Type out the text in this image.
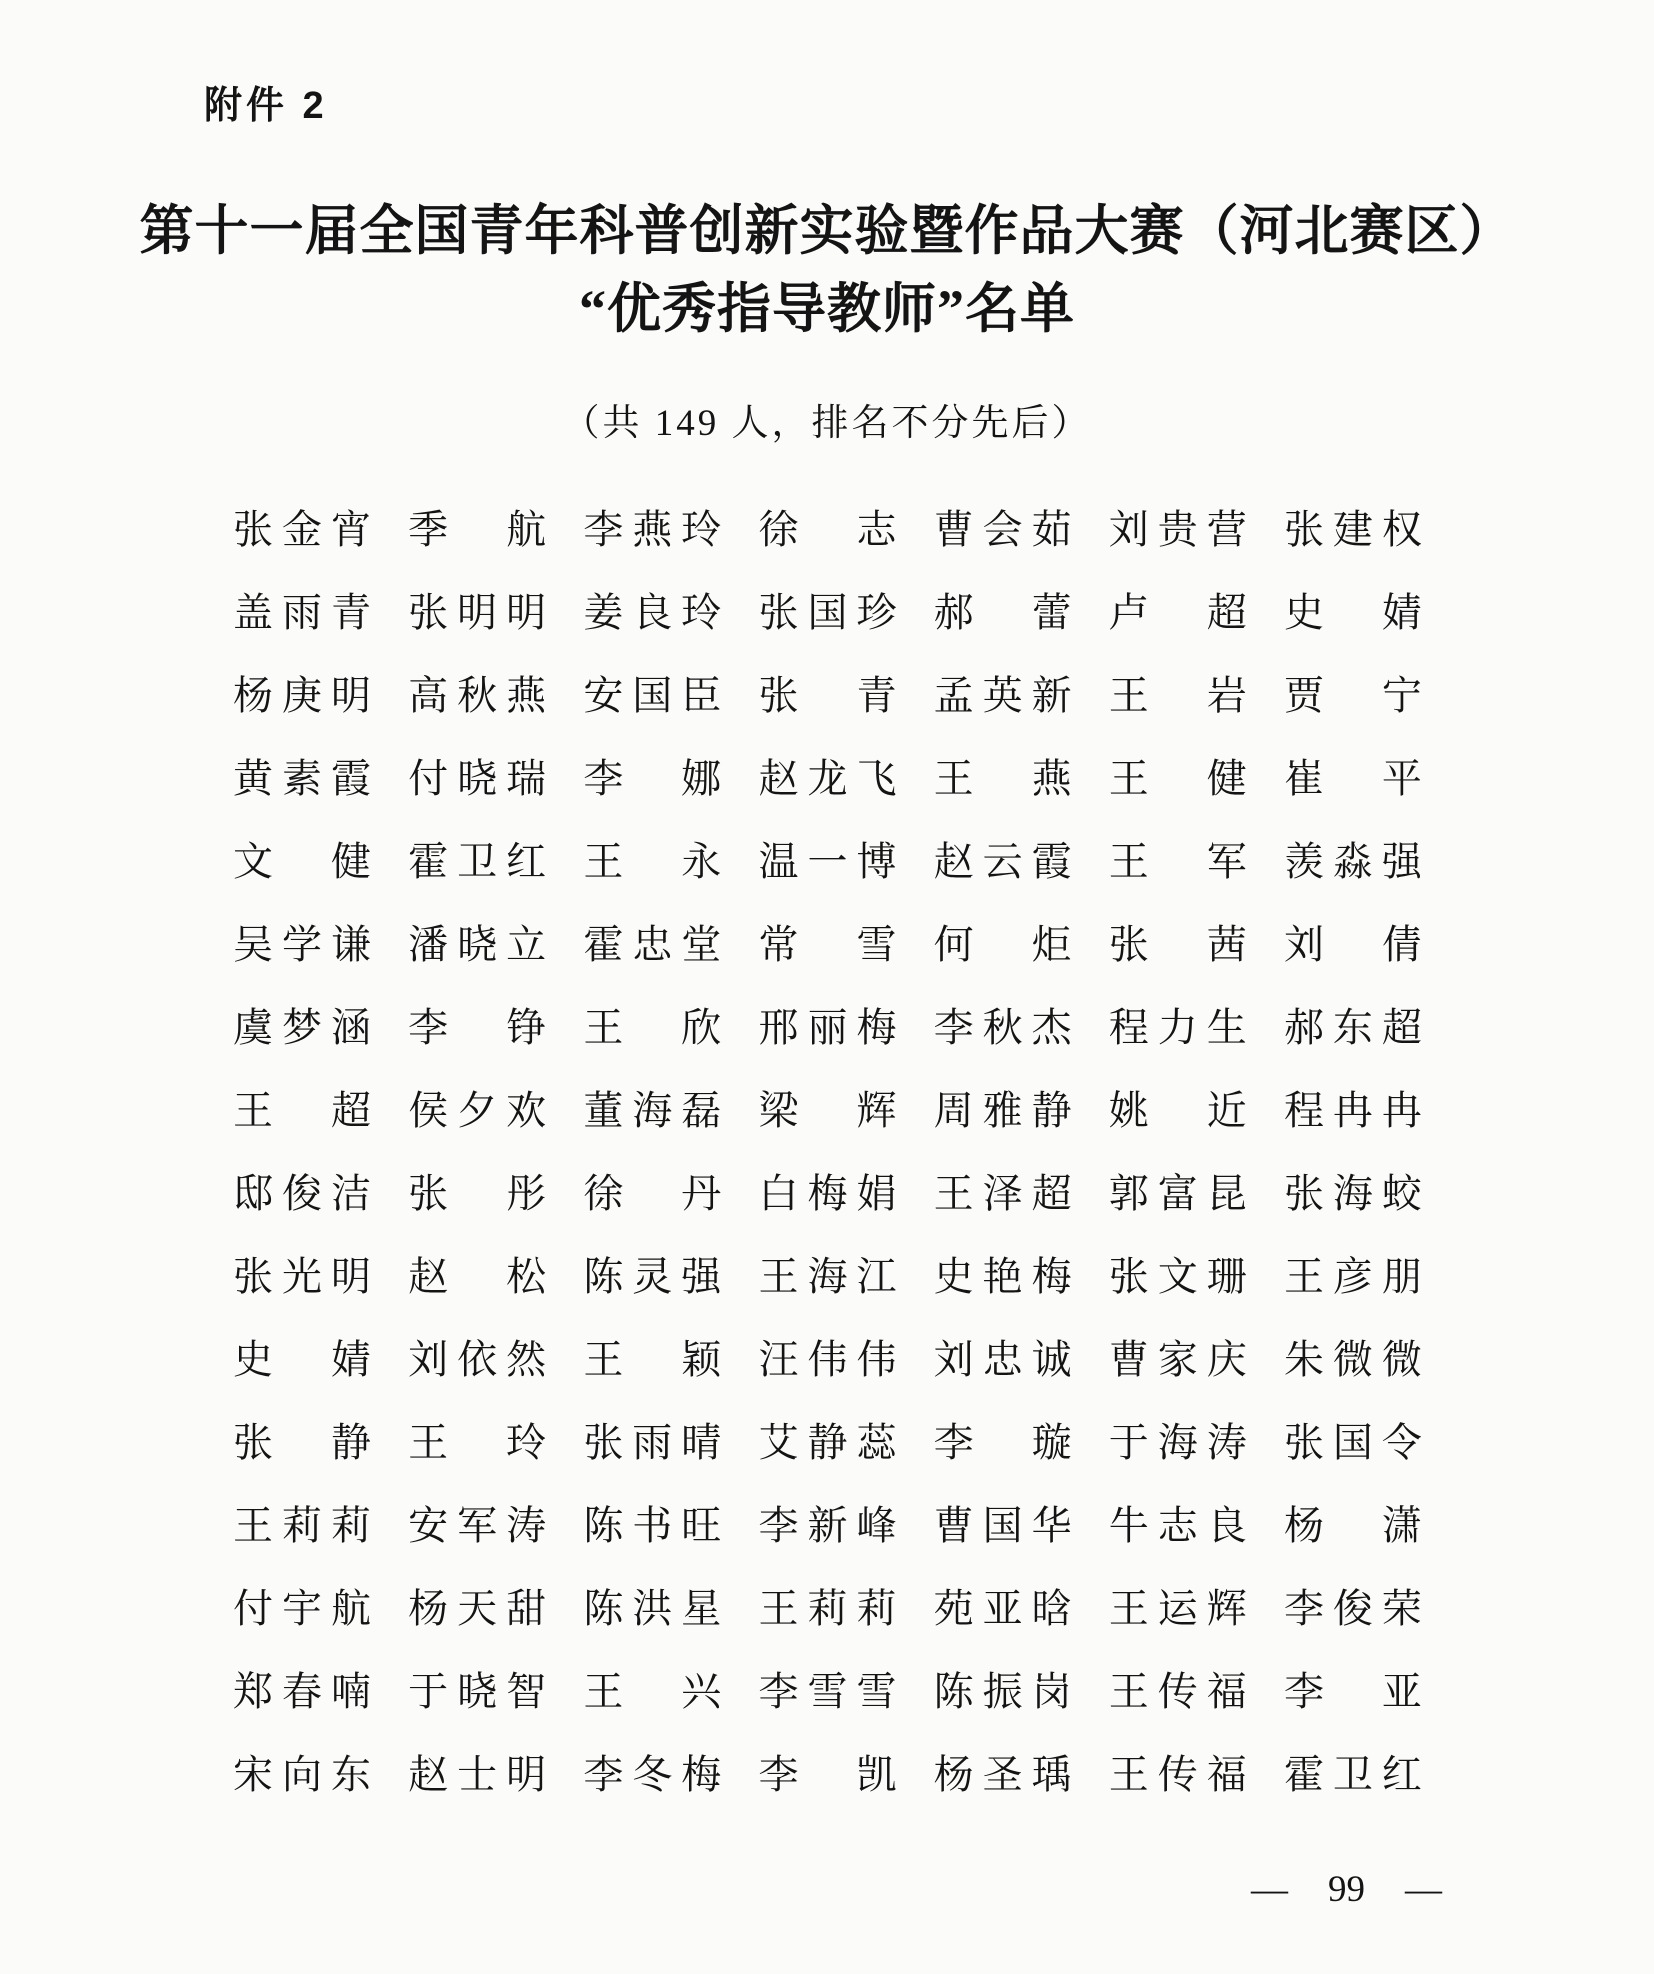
附件 2
第十一届全国青年科普创新实验暨作品大赛（河北赛区）
“优秀指导教师”名单
（共 149 人，排名不分先后）
张金宵 季　航 李燕玲 徐　志 曹会茹 刘贵营 张建权
盖雨青 张明明 姜良玲 张国珍 郝　蕾 卢　超 史　婧
杨庚明 高秋燕 安国臣 张　青 孟英新 王　岩 贾　宁
黄素霞 付晓瑞 李　娜 赵龙飞 王　燕 王　健 崔　平
文　健 霍卫红 王　永 温一博 赵云霞 王　军 羡淼强
吴学谦 潘晓立 霍忠堂 常　雪 何　炬 张　茜 刘　倩
虞梦涵 李　铮 王　欣 邢丽梅 李秋杰 程力生 郝东超
王　超 侯夕欢 董海磊 梁　辉 周雅静 姚　近 程冉冉
邸俊洁 张　彤 徐　丹 白梅娟 王泽超 郭富昆 张海蛟
张光明 赵　松 陈灵强 王海江 史艳梅 张文珊 王彦朋
史　婧 刘依然 王　颖 汪伟伟 刘忠诚 曹家庆 朱微微
张　静 王　玲 张雨晴 艾静蕊 李　璇 于海涛 张国令
王莉莉 安军涛 陈书旺 李新峰 曹国华 牛志良 杨　潇
付宇航 杨天甜 陈洪星 王莉莉 苑亚晗 王运辉 李俊荣
郑春喃 于晓智 王　兴 李雪雪 陈振岗 王传福 李　亚
宋向东 赵士明 李冬梅 李　凯 杨圣瑀 王传福 霍卫红
— 99 —
